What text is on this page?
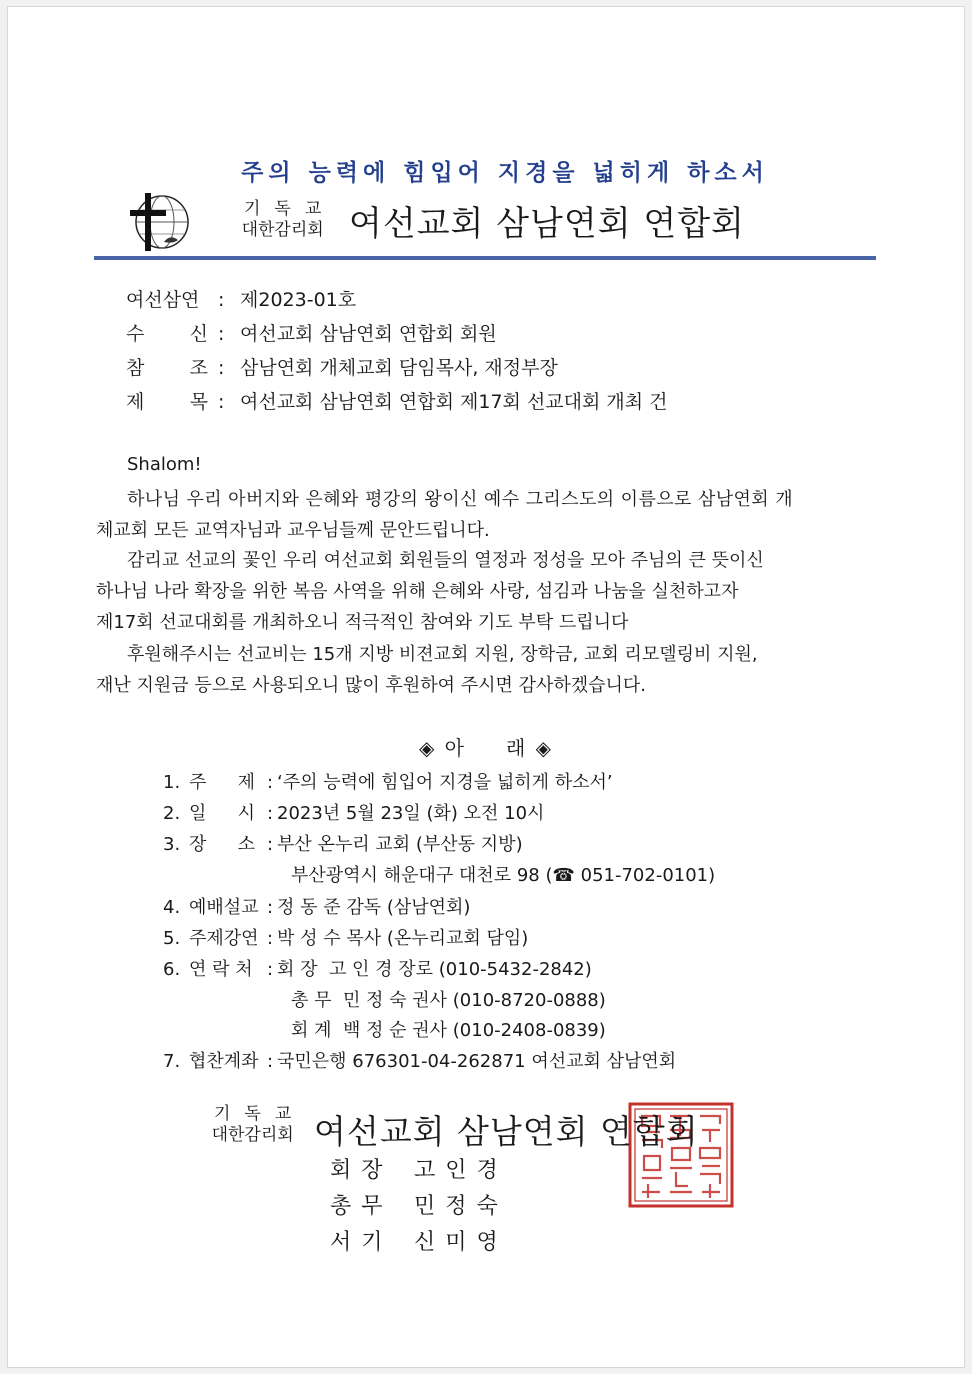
주의 능력에 힘입어 지경을 넓히게 하소서
기독교
대한감리회 여선교회 삼남연회 연합회
여선삼연 : 제2023-01호
수 신 : 여선교회 삼남연회 연합회 회원
참 조 : 삼남연회 개체교회 담임목사, 재정부장
제 목 : 여선교회 삼남연회 연합회 제17회 선교대회 개최 건
Shalom!
하나님 우리 아버지와 은혜와 평강의 왕이신 예수 그리스도의 이름으로 삼남연회 개
체교회 모든 교역자님과 교우님들께 문안드립니다.
감리교 선교의 꽃인 우리 여선교회 회원들의 열정과 정성을 모아 주님의 큰 뜻이신
하나님 나라 확장을 위한 복음 사역을 위해 은혜와 사랑, 섬김과 나눔을 실천하고자
제17회 선교대회를 개최하오니 적극적인 참여와 기도 부탁 드립니다
후원해주시는 선교비는 15개 지방 비젼교회 지원, 장학금, 교회 리모델링비 지원,
재난 지원금 등으로 사용되오니 많이 후원하여 주시면 감사하겠습니다.
◈ 아 래 ◈
1. 주 제 : ‘주의 능력에 힘입어 지경을 넓히게 하소서’
2. 일 시 : 2023년 5월 23일 (화) 오전 10시
3. 장 소 : 부산 온누리 교회 (부산동 지방)
부산광역시 해운대구 대천로 98 (☎ 051-702-0101)
4. 예배설교 : 정 동 준 감독 (삼남연회)
5. 주제강연 : 박 성 수 목사 (온누리교회 담임)
6. 연 락 처 : 회 장  고 인 경 장로 (010-5432-2842)
총 무  민 정 숙 권사 (010-8720-0888)
회 계  백 정 순 권사 (010-2408-0839)
7. 협찬계좌 : 국민은행 676301-04-262871 여선교회 삼남연회
기독교
대한감리회 여선교회 삼남연회 연합회
회장 고인경
총무 민정숙
서기 신미영
